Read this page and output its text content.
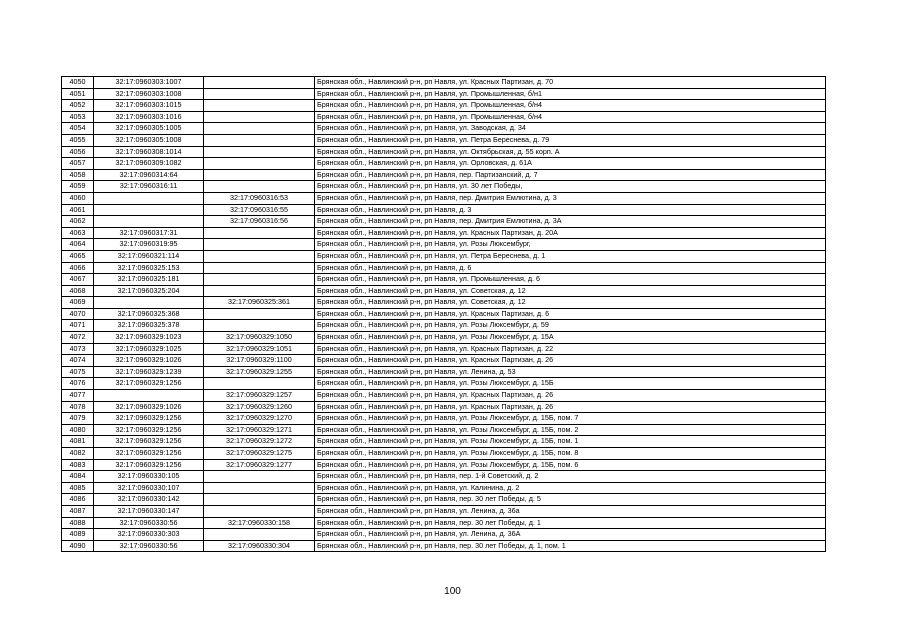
4050	32:17:0960303:1007		Брянская обл., Навлинский р-н, рп Навля, ул. Красных Партизан, д. 70
4051	32:17:0960303:1008		Брянская обл., Навлинский р-н, рп Навля, ул. Промышленная, б/н1
4052	32:17:0960303:1015		Брянская обл., Навлинский р-н, рп Навля, ул. Промышленная, б/н4
4053	32:17:0960303:1016		Брянская обл., Навлинский р-н, рп Навля, ул. Промышленная, б/н4
4054	32:17:0960305:1005		Брянская обл., Навлинский р-н, рп Навля, ул. Заводская, д. 34
4055	32:17:0960305:1008		Брянская обл., Навлинский р-н, рп Навля, ул. Петра Береснева, д. 79
4056	32:17:0960308:1014		Брянская обл., Навлинский р-н, рп Навля, ул. Октябрьская, д. 55 корп. А
4057	32:17:0960309:1082		Брянская обл., Навлинский р-н, рп Навля, ул. Орловская, д. 61А
4058	32:17:0960314:64		Брянская обл., Навлинский р-н, рп Навля, пер. Партизанский, д. 7
4059	32:17:0960316:11		Брянская обл., Навлинский р-н, рп Навля, ул. 30 лет Победы,
4060		32:17:0960316:53	Брянская обл., Навлинский р-н, рп Навля, пер. Дмитрия Емлютина, д. 3
4061		32:17:0960316:55	Брянская обл., Навлинский р-н, рп Навля, д. 3
4062		32:17:0960316:56	Брянская обл., Навлинский р-н, рп Навля, пер. Дмитрия Емлютина, д. 3А
4063	32:17:0960317:31		Брянская обл., Навлинский р-н, рп Навля, ул. Красных Партизан, д. 20А
4064	32:17:0960319:95		Брянская обл., Навлинский р-н, рп Навля, ул. Розы Люксембург,
4065	32:17:0960321:114		Брянская обл., Навлинский р-н, рп Навля, ул. Петра Береснева, д. 1
4066	32:17:0960325:153		Брянская обл., Навлинский р-н, рп Навля, д. 6
4067	32:17:0960325:181		Брянская обл., Навлинский р-н, рп Навля, ул. Промышленная, д. 6
4068	32:17:0960325:204		Брянская обл., Навлинский р-н, рп Навля, ул. Советская, д. 12
4069		32:17:0960325:361	Брянская обл., Навлинский р-н, рп Навля, ул. Советская, д. 12
4070	32:17:0960325:368		Брянская обл., Навлинский р-н, рп Навля, ул. Красных Партизан, д. 6
4071	32:17:0960325:378		Брянская обл., Навлинский р-н, рп Навля, ул. Розы Люксембург, д. 59
4072	32:17:0960329:1023	32:17:0960329:1050	Брянская обл., Навлинский р-н, рп Навля, ул. Розы Люксембург, д. 15А
4073	32:17:0960329:1025	32:17:0960329:1051	Брянская обл., Навлинский р-н, рп Навля, ул. Красных Партизан, д. 22
4074	32:17:0960329:1026	32:17:0960329:1100	Брянская обл., Навлинский р-н, рп Навля, ул. Красных Партизан, д. 26
4075	32:17:0960329:1239	32:17:0960329:1255	Брянская обл., Навлинский р-н, рп Навля, ул. Ленина, д. 53
4076	32:17:0960329:1256		Брянская обл., Навлинский р-н, рп Навля, ул. Розы Люксембург, д. 15Б
4077		32:17:0960329:1257	Брянская обл., Навлинский р-н, рп Навля, ул. Красных Партизан, д. 26
4078	32:17:0960329:1026	32:17:0960329:1260	Брянская обл., Навлинский р-н, рп Навля, ул. Красных Партизан, д. 26
4079	32:17:0960329:1256	32:17:0960329:1270	Брянская обл., Навлинский р-н, рп Навля, ул. Розы Люксембург, д. 15Б, пом. 7
4080	32:17:0960329:1256	32:17:0960329:1271	Брянская обл., Навлинский р-н, рп Навля, ул. Розы Люксембург, д. 15Б, пом. 2
4081	32:17:0960329:1256	32:17:0960329:1272	Брянская обл., Навлинский р-н, рп Навля, ул. Розы Люксембург, д. 15Б, пом. 1
4082	32:17:0960329:1256	32:17:0960329:1275	Брянская обл., Навлинский р-н, рп Навля, ул. Розы Люксембург, д. 15Б, пом. 8
4083	32:17:0960329:1256	32:17:0960329:1277	Брянская обл., Навлинский р-н, рп Навля, ул. Розы Люксембург, д. 15Б, пом. 6
4084	32:17:0960330:105		Брянская обл., Навлинский р-н, рп Навля, пер. 1-й Советский, д. 2
4085	32:17:0960330:107		Брянская обл., Навлинский р-н, рп Навля, ул. Калинина, д. 2
4086	32:17:0960330:142		Брянская обл., Навлинский р-н, рп Навля, пер. 30 лет Победы, д. 5
4087	32:17:0960330:147		Брянская обл., Навлинский р-н, рп Навля, ул. Ленина, д. 36а
4088	32:17:0960330:56	32:17:0960330:158	Брянская обл., Навлинский р-н, рп Навля, пер. 30 лет Победы, д. 1
4089	32:17:0960330:303		Брянская обл., Навлинский р-н, рп Навля, ул. Ленина, д. 36А
4090	32:17:0960330:56	32:17:0960330:304	Брянская обл., Навлинский р-н, рп Навля, пер. 30 лет Победы, д. 1, пом. 1
100
